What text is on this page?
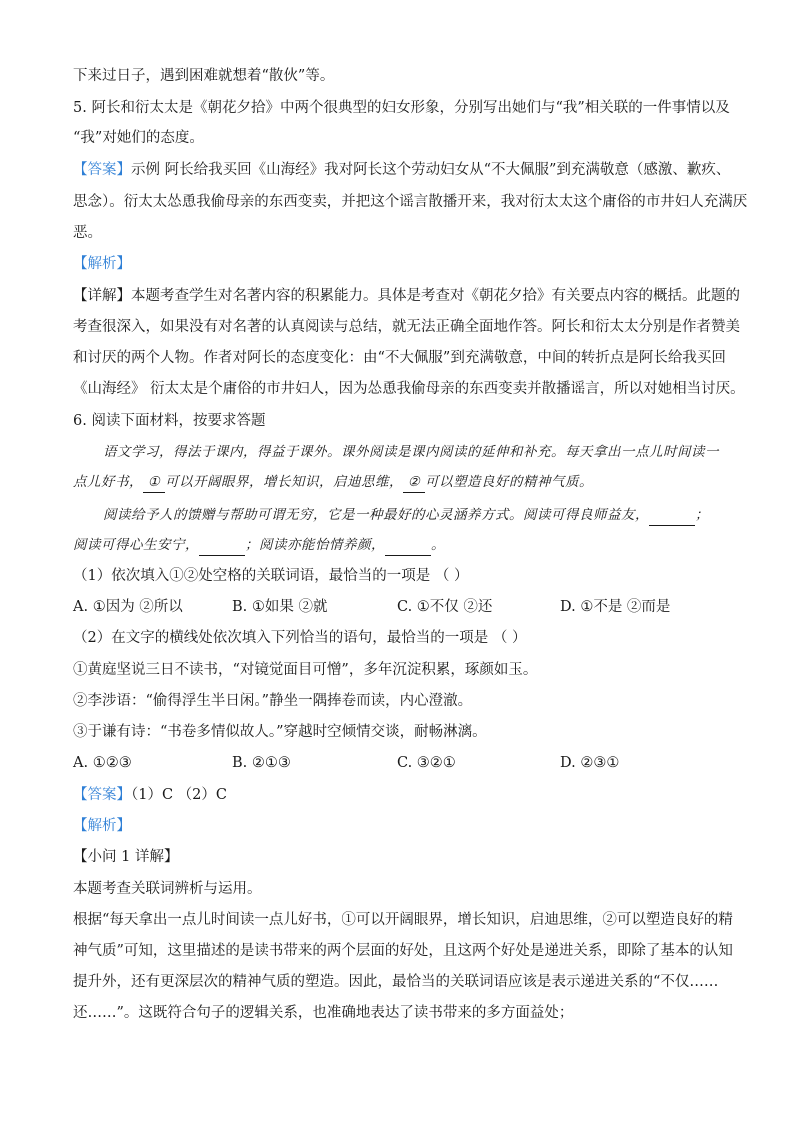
下来过日子，遇到困难就想着“散伙”等。
5. 阿长和衍太太是《朝花夕拾》中两个很典型的妇女形象，分别写出她们与“我”相关联的一件事情以及
“我”对她们的态度。
【答案】示例 阿长给我买回《山海经》我对阿长这个劳动妇女从“不大佩服”到充满敬意（感激、歉疚、
思念）。衍太太怂恿我偷母亲的东西变卖，并把这个谣言散播开来，我对衍太太这个庸俗的市井妇人充满厌
恶。
【解析】
【详解】本题考查学生对名著内容的积累能力。具体是考查对《朝花夕拾》有关要点内容的概括。此题的
考查很深入，如果没有对名著的认真阅读与总结，就无法正确全面地作答。阿长和衍太太分别是作者赞美
和讨厌的两个人物。作者对阿长的态度变化：由“不大佩服”到充满敬意，中间的转折点是阿长给我买回
《山海经》 衍太太是个庸俗的市井妇人，因为怂恿我偷母亲的东西变卖并散播谣言，所以对她相当讨厌。
6. 阅读下面材料，按要求答题
语文学习，得法于课内，得益于课外。课外阅读是课内阅读的延伸和补充。每天拿出一点儿时间读一
点儿好书， ① 可以开阔眼界，增长知识，启迪思维， ② 可以塑造良好的精神气质。
阅读给予人的馈赠与帮助可谓无穷，它是一种最好的心灵涵养方式。阅读可得良师益友，	；
阅读可得心生安宁，	；阅读亦能怡情养颜，	。
（1）依次填入①②处空格的关联词语，最恰当的一项是 （ ）
A. ①因为 ②所以	B. ①如果 ②就	C. ①不仅 ②还	D. ①不是 ②而是
（2）在文字的横线处依次填入下列恰当的语句，最恰当的一项是 （ ）
①黄庭坚说三日不读书，“对镜觉面目可憎”，多年沉淀积累，琢颜如玉。
②李涉语：“偷得浮生半日闲。”静坐一隅捧卷而读，内心澄澈。
③于谦有诗：“书卷多情似故人。”穿越时空倾情交谈，耐畅淋漓。
A. ①②③	B. ②①③	C. ③②①	D. ②③①
【答案】（1）C （2）C
【解析】
【小问 1 详解】
本题考查关联词辨析与运用。
根据“每天拿出一点儿时间读一点儿好书，①可以开阔眼界，增长知识，启迪思维，②可以塑造良好的精
神气质”可知，这里描述的是读书带来的两个层面的好处，且这两个好处是递进关系，即除了基本的认知
提升外，还有更深层次的精神气质的塑造。因此，最恰当的关联词语应该是表示递进关系的“不仅……
还……”。这既符合句子的逻辑关系，也准确地表达了读书带来的多方面益处；
